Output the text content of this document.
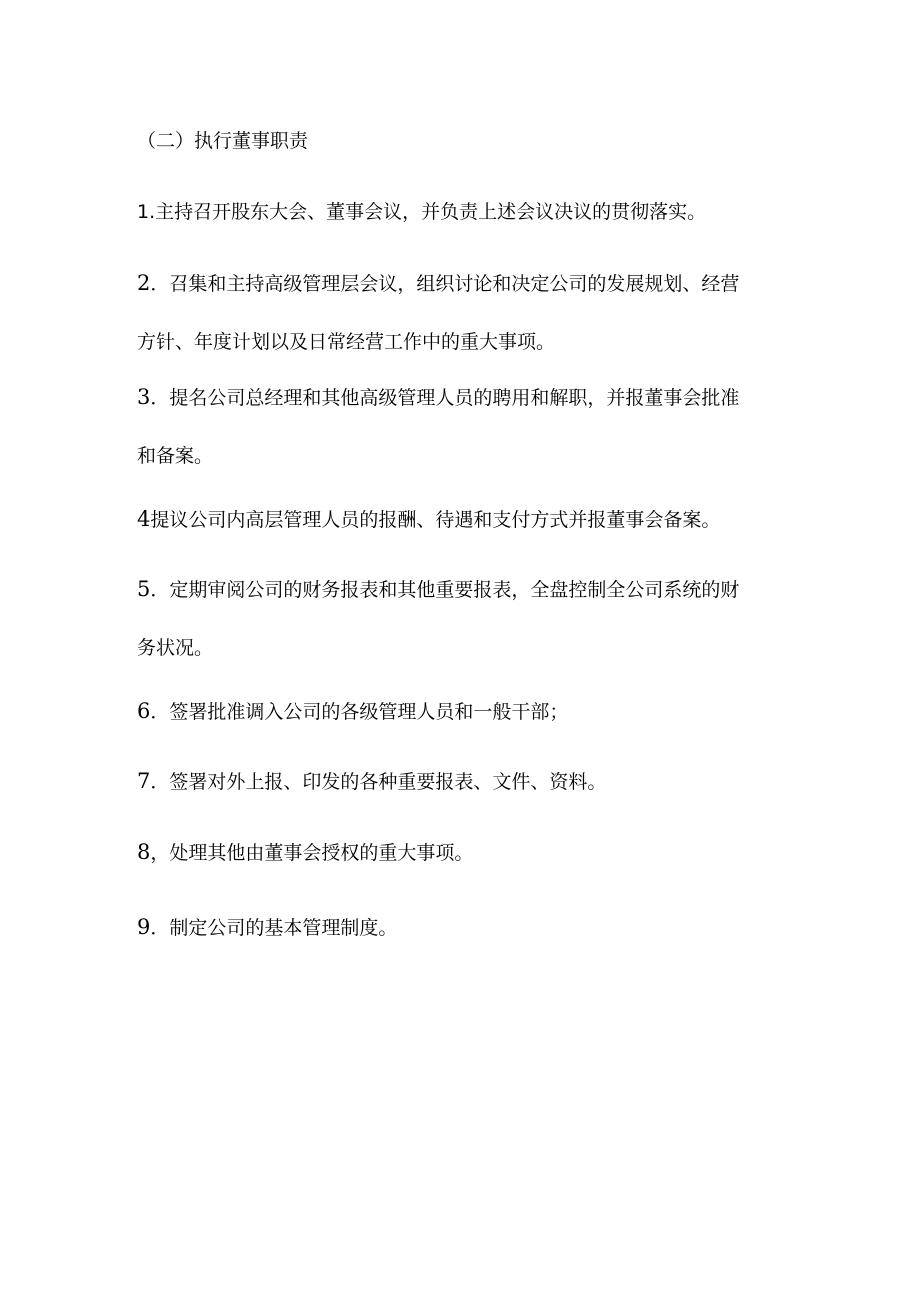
（二）执行董事职责
1.主持召开股东大会、董事会议，并负责上述会议决议的贯彻落实。
2．召集和主持高级管理层会议，组织讨论和决定公司的发展规划、经营
方针、年度计划以及日常经营工作中的重大事项。
3．提名公司总经理和其他高级管理人员的聘用和解职，并报董事会批准
和备案。
4提议公司内高层管理人员的报酬、待遇和支付方式并报董事会备案。
5．定期审阅公司的财务报表和其他重要报表，全盘控制全公司系统的财
务状况。
6．签署批准调入公司的各级管理人员和一般干部；
7．签署对外上报、印发的各种重要报表、文件、资料。
8，处理其他由董事会授权的重大事项。
9．制定公司的基本管理制度。
